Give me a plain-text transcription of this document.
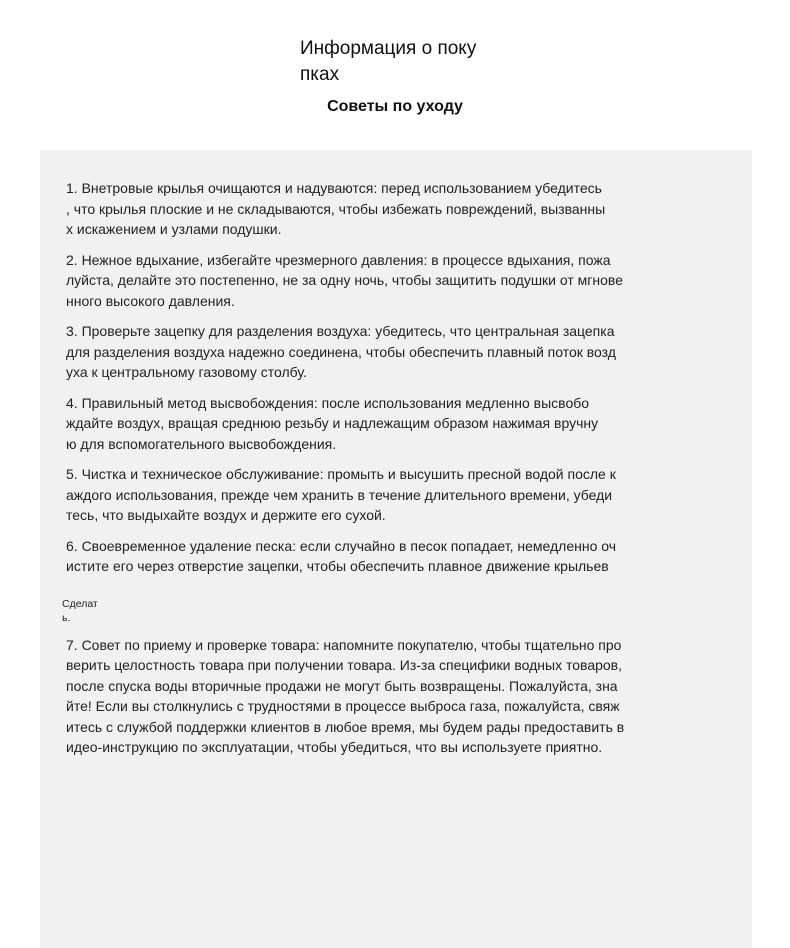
Информация о поку
пках
Советы по уходу

1. Внетровые крылья очищаются и надуваются: перед использованием убедитесь
, что крылья плоские и не складываются, чтобы избежать повреждений, вызванны
х искажением и узлами подушки.

2. Нежное вдыхание, избегайте чрезмерного давления: в процессе вдыхания, пожа
луйста, делайте это постепенно, не за одну ночь, чтобы защитить подушки от мгнове
нного высокого давления.

3. Проверьте зацепку для разделения воздуха: убедитесь, что центральная зацепка
для разделения воздуха надежно соединена, чтобы обеспечить плавный поток возд
уха к центральному газовому столбу.

4. Правильный метод высвобождения: после использования медленно высвобо
ждайте воздух, вращая среднюю резьбу и надлежащим образом нажимая вручну
ю для вспомогательного высвобождения.

5. Чистка и техническое обслуживание: промыть и высушить пресной водой после к
аждого использования, прежде чем хранить в течение длительного времени, убеди
тесь, что выдыхайте воздух и держите его сухой.

6. Своевременное удаление песка: если случайно в песок попадает, немедленно оч
истите его через отверстие зацепки, чтобы обеспечить плавное движение крыльев

Сделат
ь.

7. Совет по приему и проверке товара: напомните покупателю, чтобы тщательно про
верить целостность товара при получении товара. Из-за специфики водных товаров,
после спуска воды вторичные продажи не могут быть возвращены. Пожалуйста, зна
йте! Если вы столкнулись с трудностями в процессе выброса газа, пожалуйста, свяж
итесь с службой поддержки клиентов в любое время, мы будем рады предоставить в
идео-инструкцию по эксплуатации, чтобы убедиться, что вы используете приятно.
